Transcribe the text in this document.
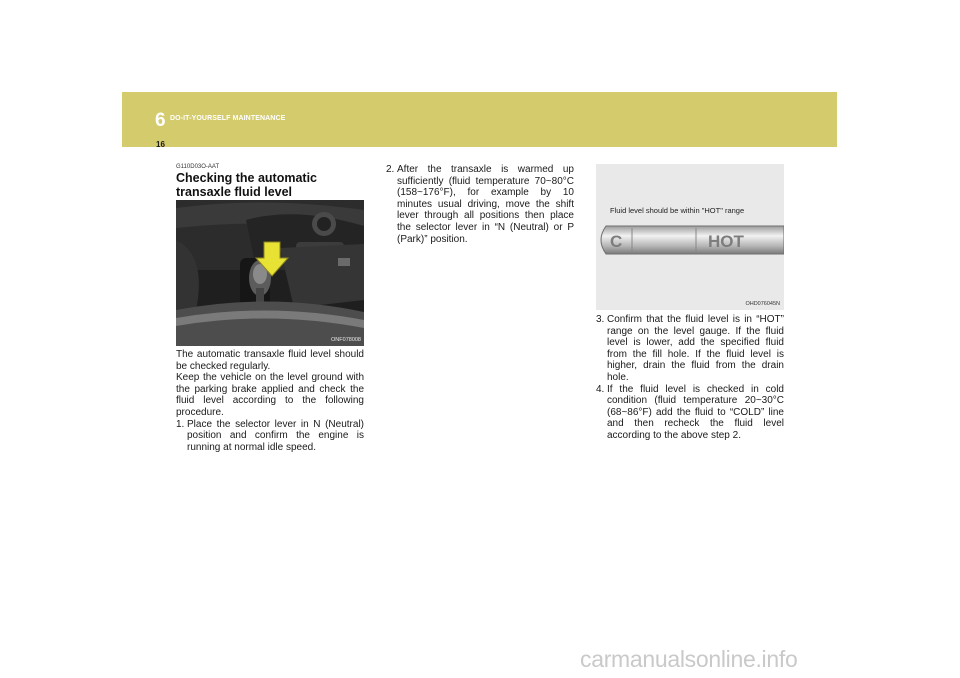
6 DO-IT-YOURSELF MAINTENANCE
16
G110D03O-AAT
Checking the automatic transaxle fluid level
ONF078008

The automatic transaxle fluid level should be checked regularly.

Keep the vehicle on the level ground with the parking brake applied and check the fluid level according to the following procedure.

1. Place the selector lever in N (Neutral) position and confirm the engine is running at normal idle speed.
2. After the transaxle is warmed up sufficiently (fluid temperature 70~80°C (158~176°F), for example by 10 minutes usual driving, move the shift lever through all positions then place the selector lever in “N (Neutral) or P (Park)” position.
Fluid level should be within "HOT" range
C	HOT
OHD076045N
3. Confirm that the fluid level is in “HOT” range on the level gauge. If the fluid level is lower, add the specified fluid from the fill hole. If the fluid level is higher, drain the fluid from the drain hole.
4. If the fluid level is checked in cold condition (fluid temperature 20~30°C (68~86°F) add the fluid to “COLD” line and then recheck the fluid level according to the above step 2.
carmanualsonline.info
